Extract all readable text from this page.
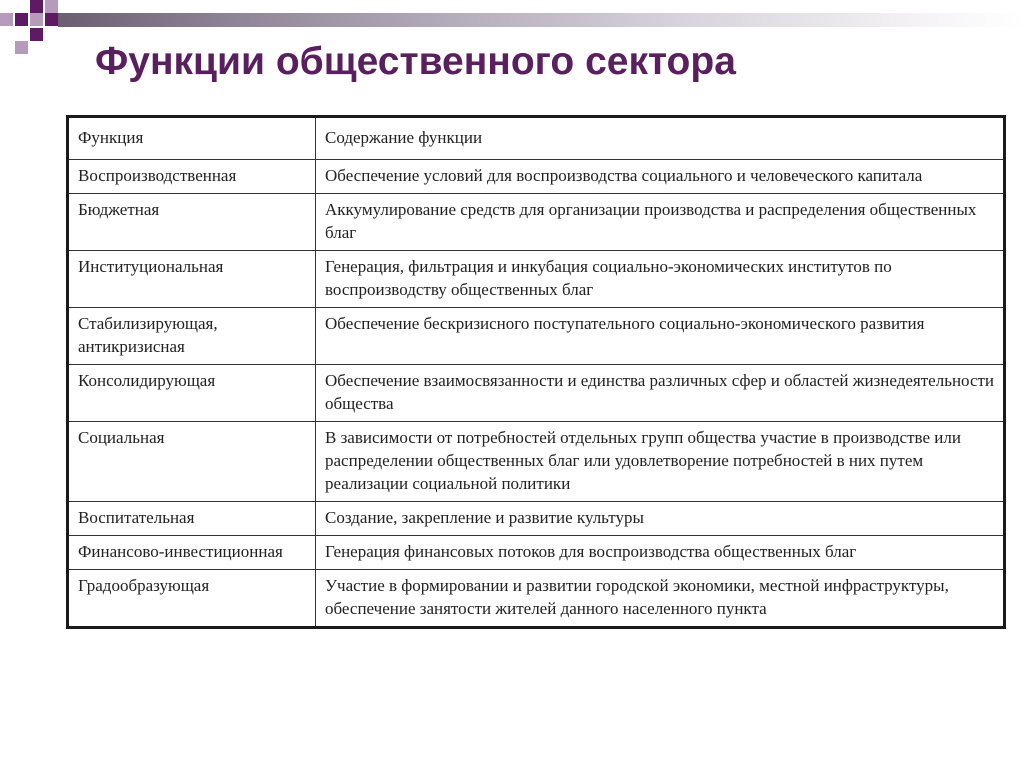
Функции общественного сектора
Функция	Содержание функции
Воспроизводственная	Обеспечение условий для воспроизводства социального и человеческого капитала
Бюджетная	Аккумулирование средств для организации производства и распределения общественных благ
Институциональная	Генерация, фильтрация и инкубация социально-экономических институтов по воспроизводству общественных благ
Стабилизирующая, антикризисная	Обеспечение бескризисного поступательного социально-экономического развития
Консолидирующая	Обеспечение взаимосвязанности и единства различных сфер и областей жизнедеятельности общества
Социальная	В зависимости от потребностей отдельных групп общества участие в производстве или распределении общественных благ или удовлетворение потребностей в них путем реализации социальной политики
Воспитательная	Создание, закрепление и развитие культуры
Финансово-инвестиционная	Генерация финансовых потоков для воспроизводства общественных благ
Градообразующая	Участие в формировании и развитии городской экономики, местной инфраструктуры, обеспечение занятости жителей данного населенного пункта
